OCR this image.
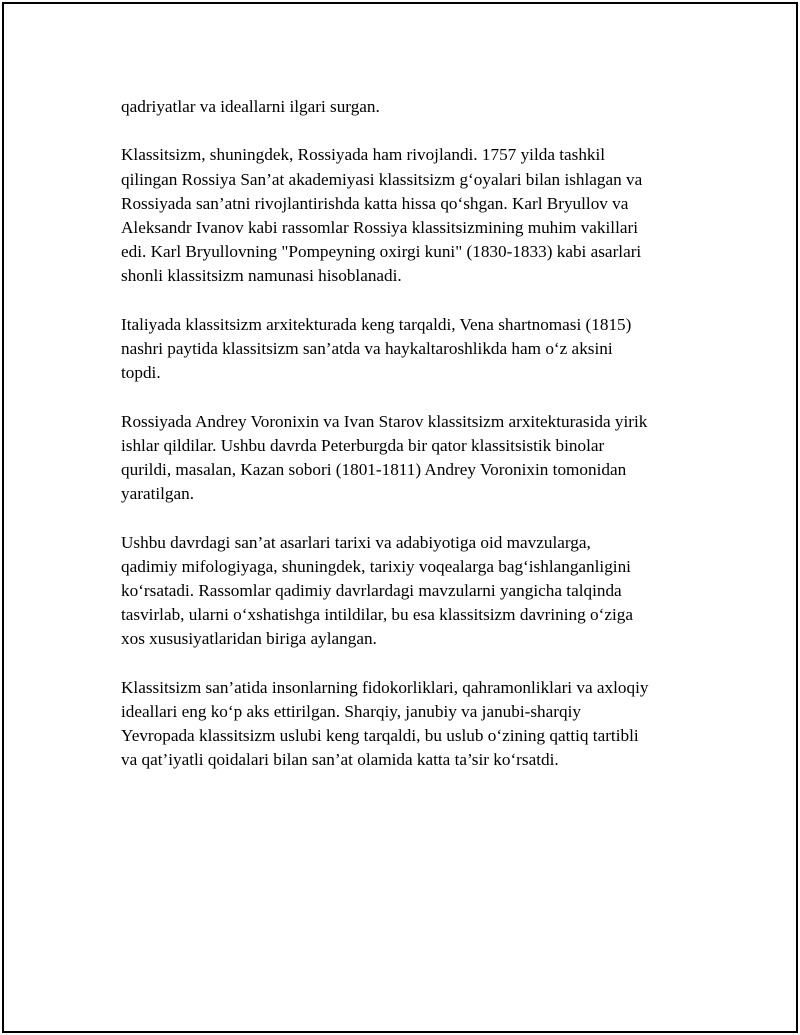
qadriyatlar va ideallarni ilgari surgan.

Klassitsizm, shuningdek, Rossiyada ham rivojlandi. 1757 yilda tashkil
qilingan Rossiya San’at akademiyasi klassitsizm g‘oyalari bilan ishlagan va
Rossiyada san’atni rivojlantirishda katta hissa qo‘shgan. Karl Bryullov va
Aleksandr Ivanov kabi rassomlar Rossiya klassitsizmining muhim vakillari
edi. Karl Bryullovning "Pompeyning oxirgi kuni" (1830-1833) kabi asarlari
shonli klassitsizm namunasi hisoblanadi.

Italiyada klassitsizm arxitekturada keng tarqaldi, Vena shartnomasi (1815)
nashri paytida klassitsizm san’atda va haykaltaroshlikda ham o‘z aksini
topdi.

Rossiyada Andrey Voronixin va Ivan Starov klassitsizm arxitekturasida yirik
ishlar qildilar. Ushbu davrda Peterburgda bir qator klassitsistik binolar
qurildi, masalan, Kazan sobori (1801-1811) Andrey Voronixin tomonidan
yaratilgan.

Ushbu davrdagi san’at asarlari tarixi va adabiyotiga oid mavzularga,
qadimiy mifologiyaga, shuningdek, tarixiy voqealarga bag‘ishlanganligini
ko‘rsatadi. Rassomlar qadimiy davrlardagi mavzularni yangicha talqinda
tasvirlab, ularni o‘xshatishga intildilar, bu esa klassitsizm davrining o‘ziga
xos xususiyatlaridan biriga aylangan.

Klassitsizm san’atida insonlarning fidokorliklari, qahramonliklari va axloqiy
ideallari eng ko‘p aks ettirilgan. Sharqiy, janubiy va janubi-sharqiy
Yevropada klassitsizm uslubi keng tarqaldi, bu uslub o‘zining qattiq tartibli
va qat’iyatli qoidalari bilan san’at olamida katta ta’sir ko‘rsatdi.
